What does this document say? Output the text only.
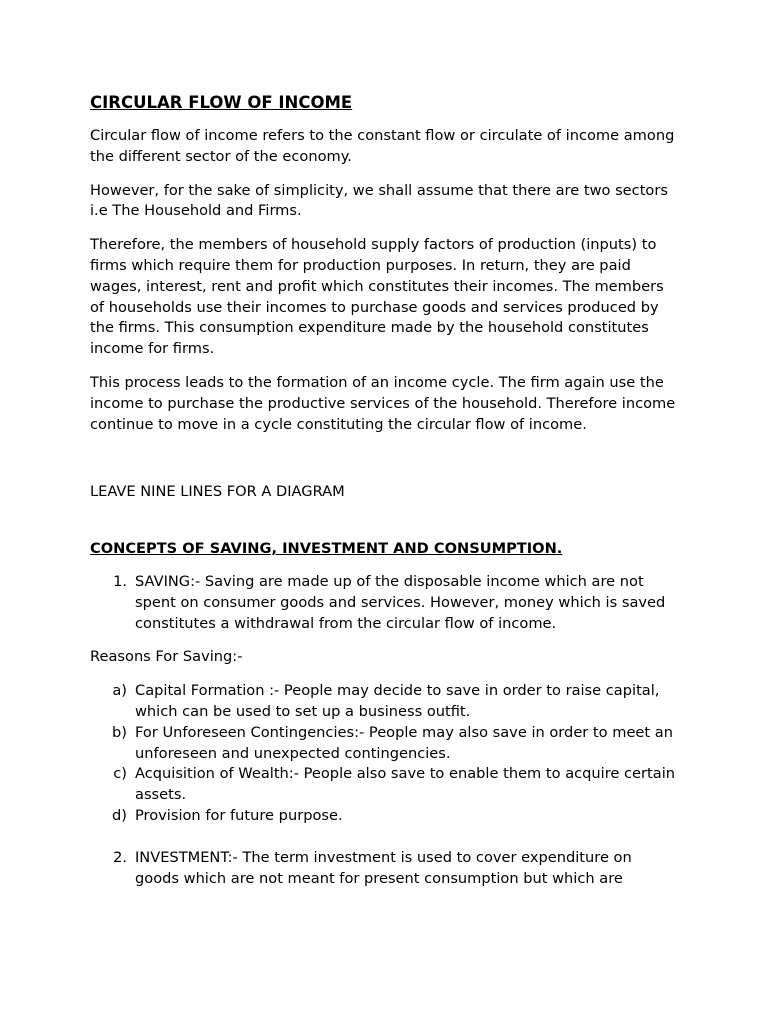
CIRCULAR FLOW OF INCOME

Circular flow of income refers to the constant flow or circulate of income among the different sector of the economy.

However, for the sake of simplicity, we shall assume that there are two sectors i.e The Household and Firms.

Therefore, the members of household supply factors of production (inputs) to firms which require them for production purposes. In return, they are paid wages, interest, rent and profit which constitutes their incomes. The members of households use their incomes to purchase goods and services produced by the firms. This consumption expenditure made by the household constitutes income for firms.

This process leads to the formation of an income cycle. The firm again use the income to purchase the productive services of the household. Therefore income continue to move in a cycle constituting the circular flow of income.

LEAVE NINE LINES FOR A DIAGRAM

CONCEPTS OF SAVING, INVESTMENT AND CONSUMPTION.
1. SAVING:- Saving are made up of the disposable income which are not spent on consumer goods and services. However, money which is saved constitutes a withdrawal from the circular flow of income.

Reasons For Saving:-

a) Capital Formation :- People may decide to save in order to raise capital, which can be used to set up a business outfit.
b) For Unforeseen Contingencies:- People may also save in order to meet an unforeseen and unexpected contingencies.
c) Acquisition of Wealth:- People also save to enable them to acquire certain assets.
d) Provision for future purpose.
2. INVESTMENT:- The term investment is used to cover expenditure on goods which are not meant for present consumption but which are
